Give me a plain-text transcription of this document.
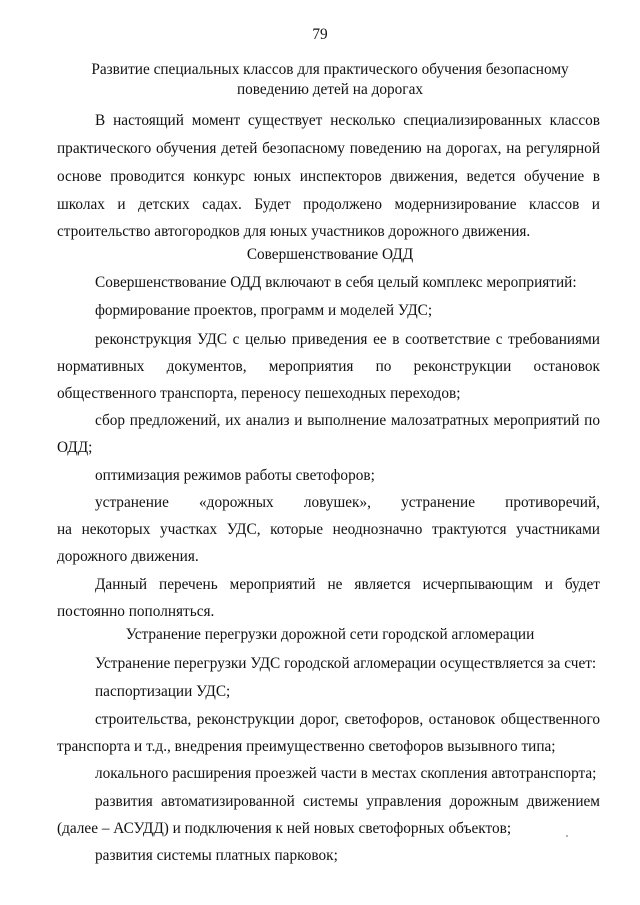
79
Развитие специальных классов для практического обучения безопасному
поведению детей на дорогах
В настоящий момент существует несколько специализированных классов
практического обучения детей безопасному поведению на дорогах, на регулярной
основе проводится конкурс юных инспекторов движения, ведется обучение в
школах и детских садах. Будет продолжено модернизирование классов и
строительство автогородков для юных участников дорожного движения.
Совершенствование ОДД
Совершенствование ОДД включают в себя целый комплекс мероприятий:
формирование проектов, программ и моделей УДС;
реконструкция УДС с целью приведения ее в соответствие с требованиями
нормативных документов, мероприятия по реконструкции остановок
общественного транспорта, переносу пешеходных переходов;
сбор предложений, их анализ и выполнение малозатратных мероприятий по
ОДД;
оптимизация режимов работы светофоров;
устранение «дорожных ловушек», устранение противоречий,
на некоторых участках УДС, которые неоднозначно трактуются участниками
дорожного движения.
Данный перечень мероприятий не является исчерпывающим и будет
постоянно пополняться.
Устранение перегрузки дорожной сети городской агломерации
Устранение перегрузки УДС городской агломерации осуществляется за счет:
паспортизации УДС;
строительства, реконструкции дорог, светофоров, остановок общественного
транспорта и т.д., внедрения преимущественно светофоров вызывного типа;
локального расширения проезжей части в местах скопления автотранспорта;
развития автоматизированной системы управления дорожным движением
(далее – АСУДД) и подключения к ней новых светофорных объектов;
развития системы платных парковок;
